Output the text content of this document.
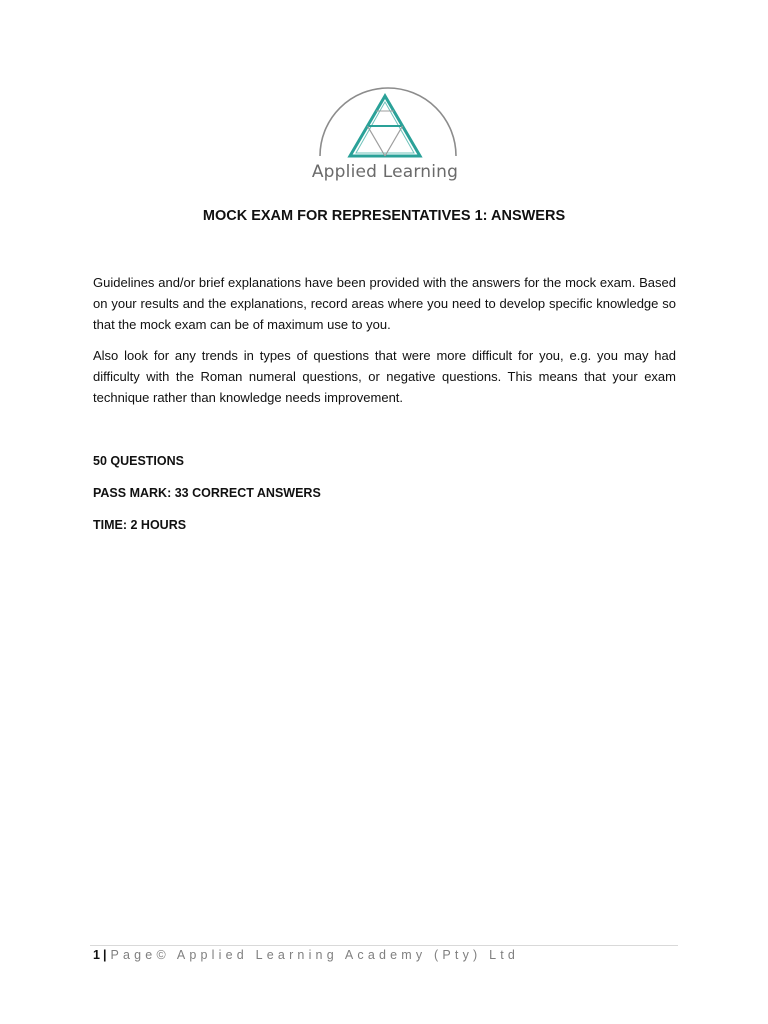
Applied Learning
MOCK EXAM FOR REPRESENTATIVES 1: ANSWERS
Guidelines and/or brief explanations have been provided with the answers for the mock exam. Based on your results and the explanations, record areas where you need to develop specific knowledge so that the mock exam can be of maximum use to you.
Also look for any trends in types of questions that were more difficult for you, e.g. you may had difficulty with the Roman numeral questions, or negative questions. This means that your exam technique rather than knowledge needs improvement.
50 QUESTIONS
PASS MARK: 33 CORRECT ANSWERS
TIME: 2 HOURS
1 | Page© Applied Learning Academy (Pty) Ltd
